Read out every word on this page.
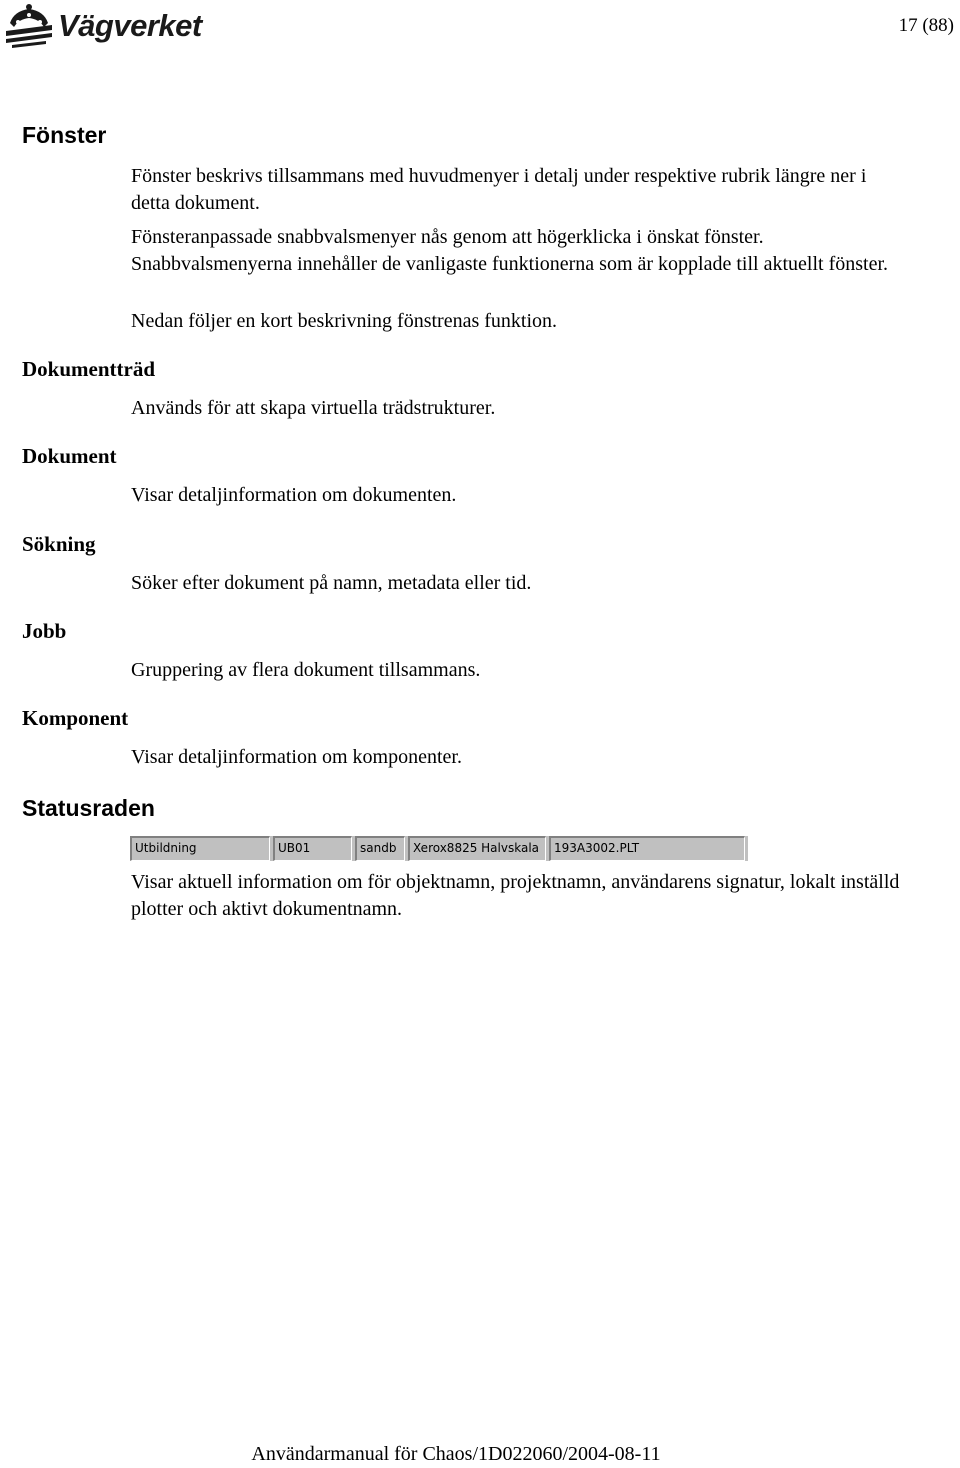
Vägverket	17 (88)
Fönster
Fönster beskrivs tillsammans med huvudmenyer i detalj under respektive rubrik längre ner i detta dokument.
Fönsteranpassade snabbvalsmenyer nås genom att högerklicka i önskat fönster. Snabbvalsmenyerna innehåller de vanligaste funktionerna som är kopplade till aktuellt fönster.
Nedan följer en kort beskrivning fönstrenas funktion.
Dokumentträd
Används för att skapa virtuella trädstrukturer.
Dokument
Visar detaljinformation om dokumenten.
Sökning
Söker efter dokument på namn, metadata eller tid.
Jobb
Gruppering av flera dokument tillsammans.
Komponent
Visar detaljinformation om komponenter.
Statusraden
Utbildning	UB01	sandb	Xerox8825 Halvskala	193A3002.PLT
Visar aktuell information om för objektnamn, projektnamn, användarens signatur, lokalt inställd plotter och aktivt dokumentnamn.
Användarmanual för Chaos/1D022060/2004-08-11
